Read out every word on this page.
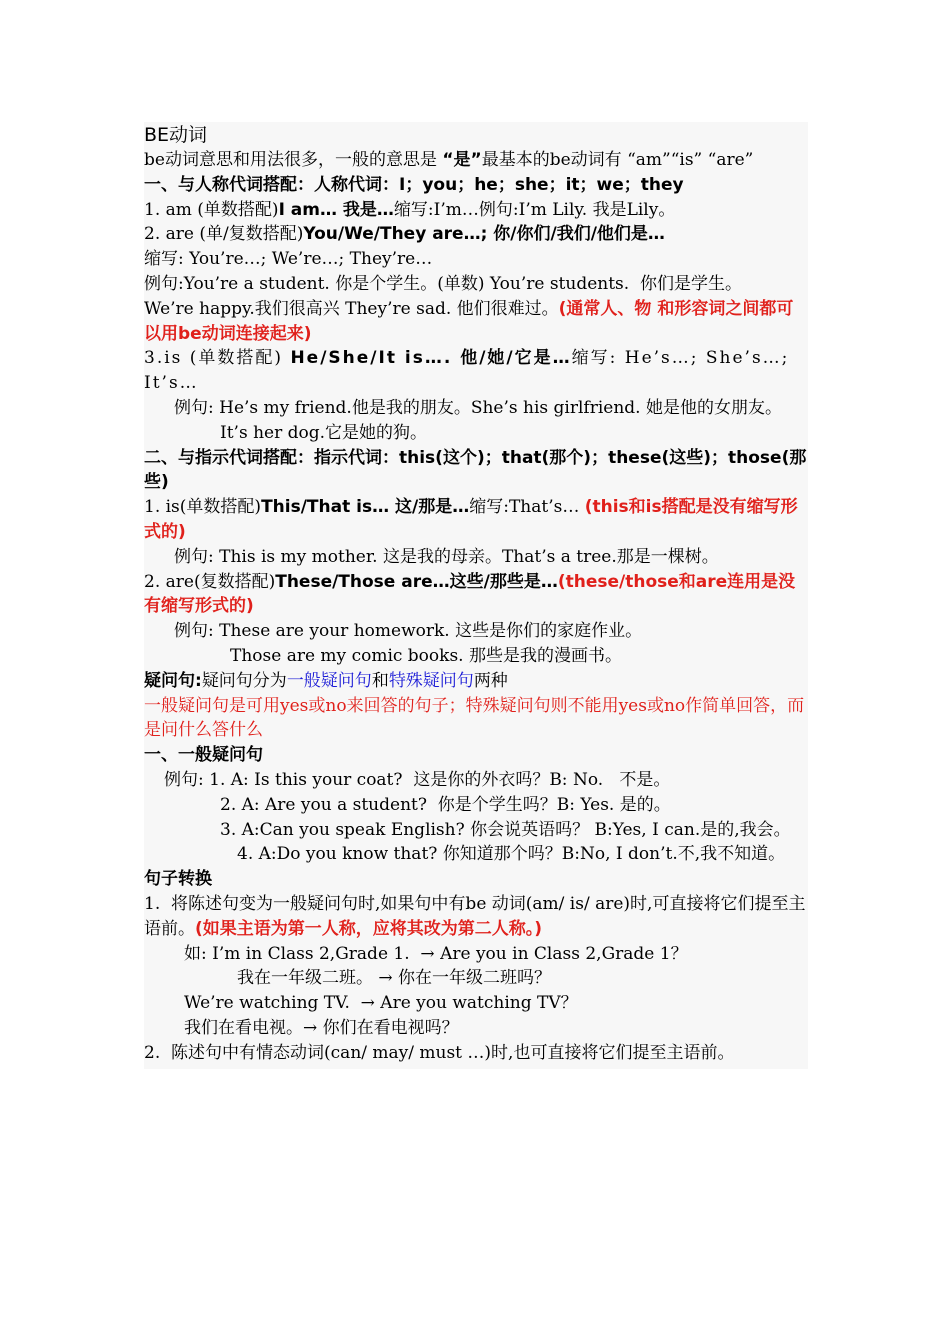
BE动词

be动词意思和用法很多，一般的意思是 “是”最基本的be动词有 “am”“is” “are”

一、与人称代词搭配：人称代词：I；you；he；she；it；we；they

1. am (单数搭配)I am… 我是…缩写:I’m…例句:I’m Lily. 我是Lily。

2. are (单/复数搭配)You/We/They are…; 你/你们/我们/他们是…

缩写: You’re…; We’re…; They’re…

例句:You’re a student. 你是个学生。(单数) You’re students.  你们是学生。

We’re happy.我们很高兴 They’re sad. 他们很难过。(通常人、物 和形容词之间都可以用be动词连接起来)

3.is (单数搭配) He/She/It is…. 他/她/它是…缩写: He’s…; She’s…; It’s…

例句: He’s my friend.他是我的朋友。She’s his girlfriend. 她是他的女朋友。

It’s her dog.它是她的狗。

二、与指示代词搭配：指示代词：this(这个)；that(那个)；these(这些)；those(那些)

1. is(单数搭配)This/That is… 这/那是…缩写:That’s… (this和is搭配是没有缩写形式的)

例句: This is my mother. 这是我的母亲。That’s a tree.那是一棵树。

2. are(复数搭配)These/Those are…这些/那些是…(these/those和are连用是没有缩写形式的)

例句: These are your homework. 这些是你们的家庭作业。

Those are my comic books. 那些是我的漫画书。

疑问句:疑问句分为一般疑问句和特殊疑问句两种

一般疑问句是可用yes或no来回答的句子；特殊疑问句则不能用yes或no作简单回答，而是问什么答什么

一、一般疑问句

例句: 1. A: Is this your coat?  这是你的外衣吗？B: No.   不是。

2. A: Are you a student?  你是个学生吗？B: Yes. 是的。

3. A:Can you speak English? 你会说英语吗？ B:Yes, I can.是的,我会。

4. A:Do you know that? 你知道那个吗？B:No, I don’t.不,我不知道。

句子转换

1.  将陈述句变为一般疑问句时,如果句中有be 动词(am/ is/ are)时,可直接将它们提至主语前。(如果主语为第一人称，应将其改为第二人称。)

如: I’m in Class 2,Grade 1.  → Are you in Class 2,Grade 1？

我在一年级二班。 → 你在一年级二班吗？

We’re watching TV.  → Are you watching TV？

我们在看电视。→ 你们在看电视吗？

2.  陈述句中有情态动词(can/ may/ must …)时,也可直接将它们提至主语前。
